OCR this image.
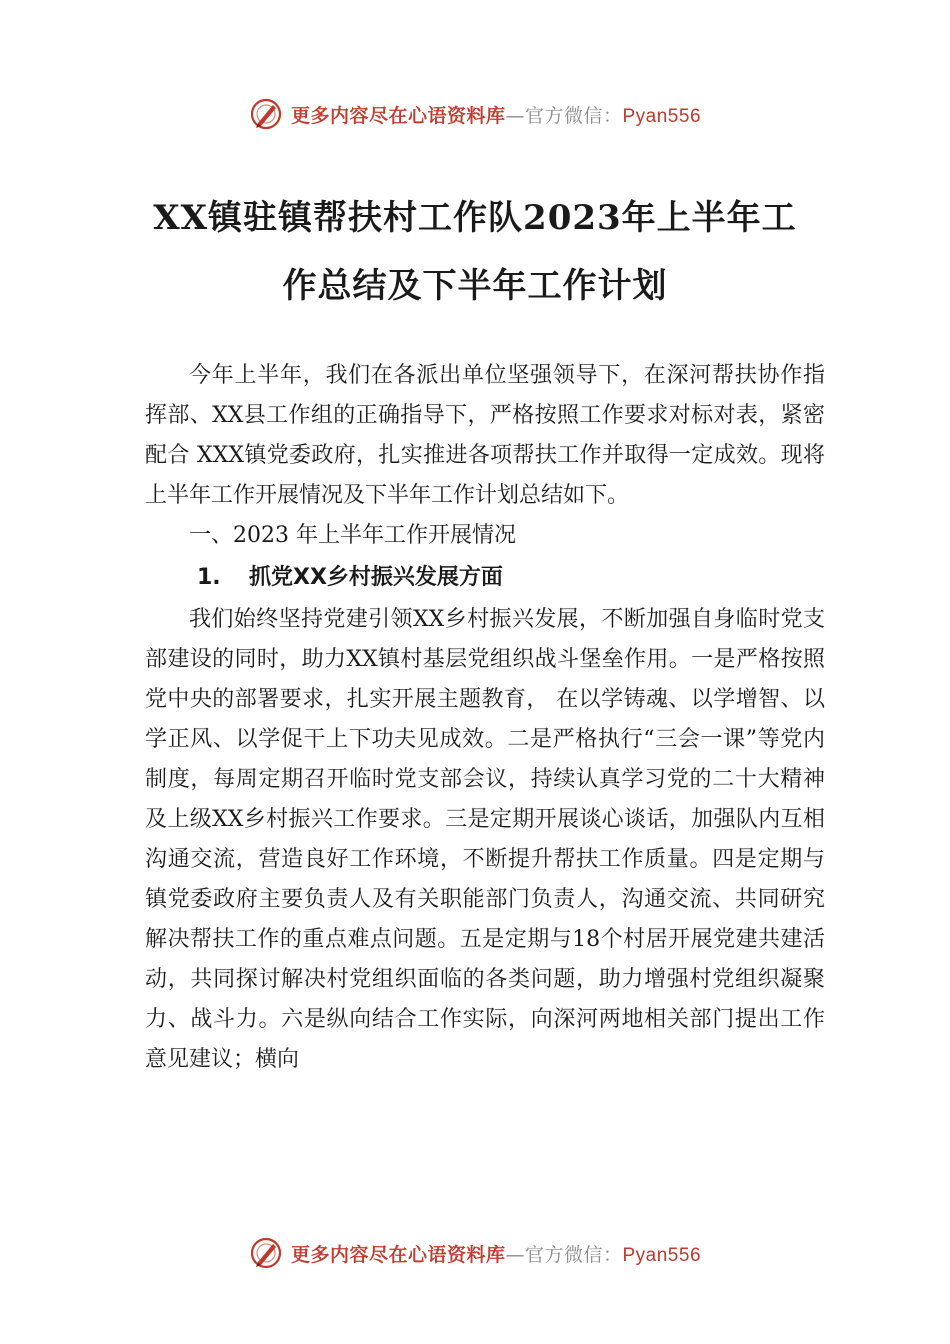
更多内容尽在心语资料库—官方微信：Pyan556
XX镇驻镇帮扶村工作队2023年上半年工作总结及下半年工作计划

今年上半年，我们在各派出单位坚强领导下，在深河帮扶协作指挥部、XX县工作组的正确指导下，严格按照工作要求对标对表，紧密配合 XXX镇党委政府，扎实推进各项帮扶工作并取得一定成效。现将上半年工作开展情况及下半年工作计划总结如下。

一、2023 年上半年工作开展情况

1. 抓党XX乡村振兴发展方面

我们始终坚持党建引领XX乡村振兴发展，不断加强自身临时党支部建设的同时，助力XX镇村基层党组织战斗堡垒作用。一是严格按照党中央的部署要求，扎实开展主题教育， 在以学铸魂、以学增智、以学正风、以学促干上下功夫见成效。二是严格执行“三会一课”等党内制度，每周定期召开临时党支部会议，持续认真学习党的二十大精神及上级XX乡村振兴工作要求。三是定期开展谈心谈话，加强队内互相沟通交流，营造良好工作环境，不断提升帮扶工作质量。四是定期与镇党委政府主要负责人及有关职能部门负责人，沟通交流、共同研究解决帮扶工作的重点难点问题。五是定期与18个村居开展党建共建活动，共同探讨解决村党组织面临的各类问题，助力增强村党组织凝聚力、战斗力。六是纵向结合工作实际，向深河两地相关部门提出工作意见建议；横向

更多内容尽在心语资料库—官方微信：Pyan556
